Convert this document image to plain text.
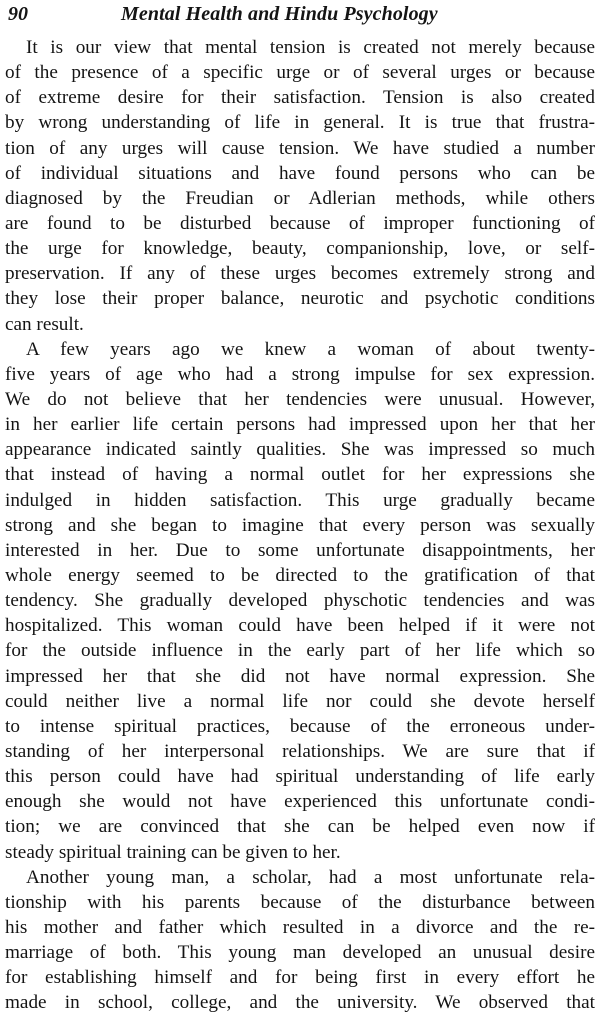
90	Mental Health and Hindu Psychology
It is our view that mental tension is created not merely because
of the presence of a specific urge or of several urges or because
of extreme desire for their satisfaction. Tension is also created
by wrong understanding of life in general. It is true that frustra-
tion of any urges will cause tension. We have studied a number
of individual situations and have found persons who can be
diagnosed by the Freudian or Adlerian methods, while others
are found to be disturbed because of improper functioning of
the urge for knowledge, beauty, companionship, love, or self-
preservation. If any of these urges becomes extremely strong and
they lose their proper balance, neurotic and psychotic conditions
can result.
A few years ago we knew a woman of about twenty-
five years of age who had a strong impulse for sex expression.
We do not believe that her tendencies were unusual. However,
in her earlier life certain persons had impressed upon her that her
appearance indicated saintly qualities. She was impressed so much
that instead of having a normal outlet for her expressions she
indulged in hidden satisfaction. This urge gradually became
strong and she began to imagine that every person was sexually
interested in her. Due to some unfortunate disappointments, her
whole energy seemed to be directed to the gratification of that
tendency. She gradually developed physchotic tendencies and was
hospitalized. This woman could have been helped if it were not
for the outside influence in the early part of her life which so
impressed her that she did not have normal expression. She
could neither live a normal life nor could she devote herself
to intense spiritual practices, because of the erroneous under-
standing of her interpersonal relationships. We are sure that if
this person could have had spiritual understanding of life early
enough she would not have experienced this unfortunate condi-
tion; we are convinced that she can be helped even now if
steady spiritual training can be given to her.
Another young man, a scholar, had a most unfortunate rela-
tionship with his parents because of the disturbance between
his mother and father which resulted in a divorce and the re-
marriage of both. This young man developed an unusual desire
for establishing himself and for being first in every effort he
made in school, college, and the university. We observed that
